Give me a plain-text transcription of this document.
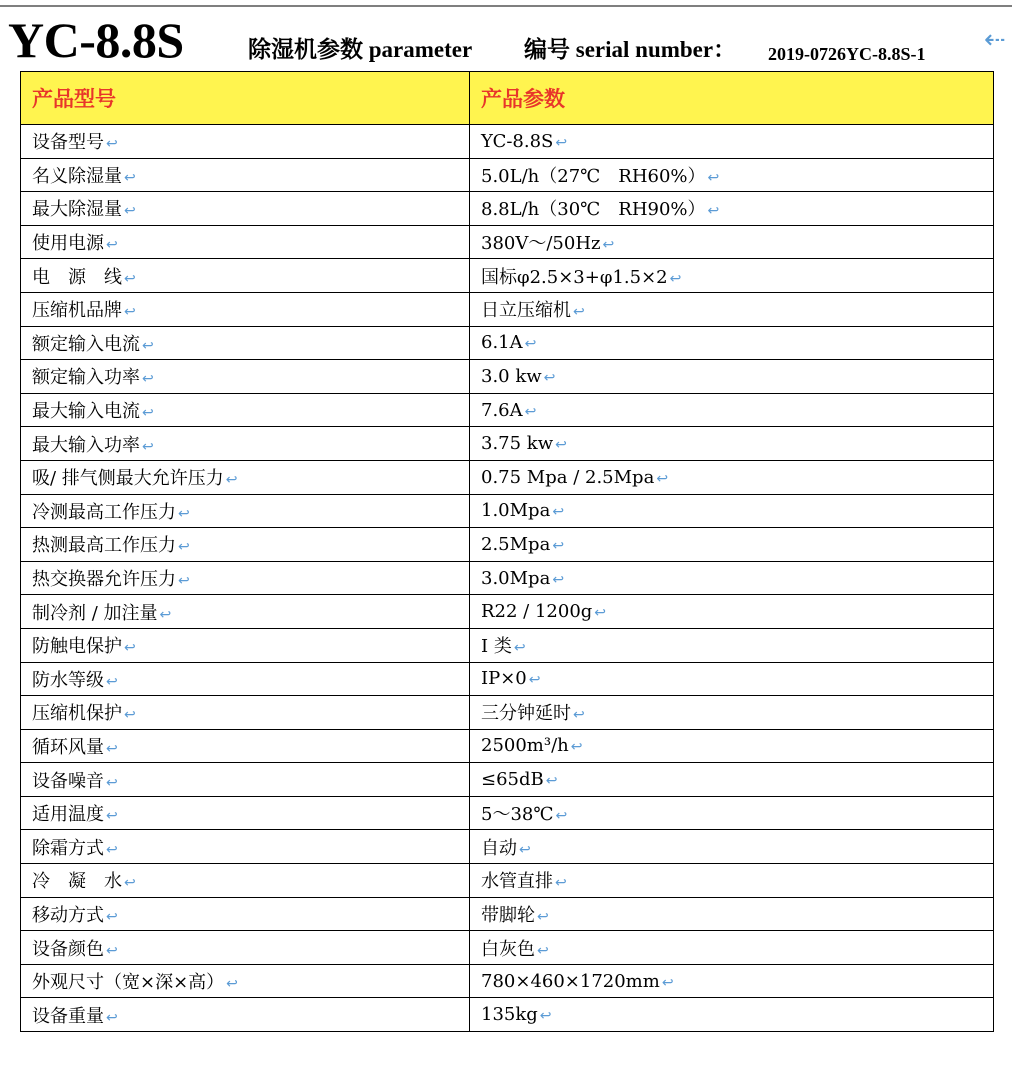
YC-8.8S	除湿机参数 parameter 编号 serial number： 2019-0726YC-8.8S-1 ⇠
产品型号	产品参数
设备型号 ↩	YC-8.8S ↩
名义除湿量 ↩	5.0L/h（27℃　RH60%） ↩
最大除湿量 ↩	8.8L/h（30℃　RH90%） ↩
使用电源 ↩	380V～/50Hz ↩
电　源　线 ↩	国标φ2.5×3+φ1.5×2 ↩
压缩机品牌 ↩	日立压缩机 ↩
额定输入电流 ↩	6.1A ↩
额定输入功率 ↩	3.0 kw ↩
最大输入电流 ↩	7.6A ↩
最大输入功率 ↩	3.75 kw ↩
吸/ 排气侧最大允许压力 ↩	0.75 Mpa / 2.5Mpa ↩
冷测最高工作压力 ↩	1.0Mpa ↩
热测最高工作压力 ↩	2.5Mpa ↩
热交换器允许压力 ↩	3.0Mpa ↩
制冷剂 / 加注量 ↩	R22 / 1200g ↩
防触电保护 ↩	I 类 ↩
防水等级 ↩	IP×0 ↩
压缩机保护 ↩	三分钟延时 ↩
循环风量 ↩	2500m³/h ↩
设备噪音 ↩	≤65dB ↩
适用温度 ↩	5～38℃ ↩
除霜方式 ↩	自动 ↩
冷　凝　水 ↩	水管直排 ↩
移动方式 ↩	带脚轮 ↩
设备颜色 ↩	白灰色 ↩
外观尺寸（宽×深×高） ↩	780×460×1720mm ↩
设备重量 ↩	135kg ↩
